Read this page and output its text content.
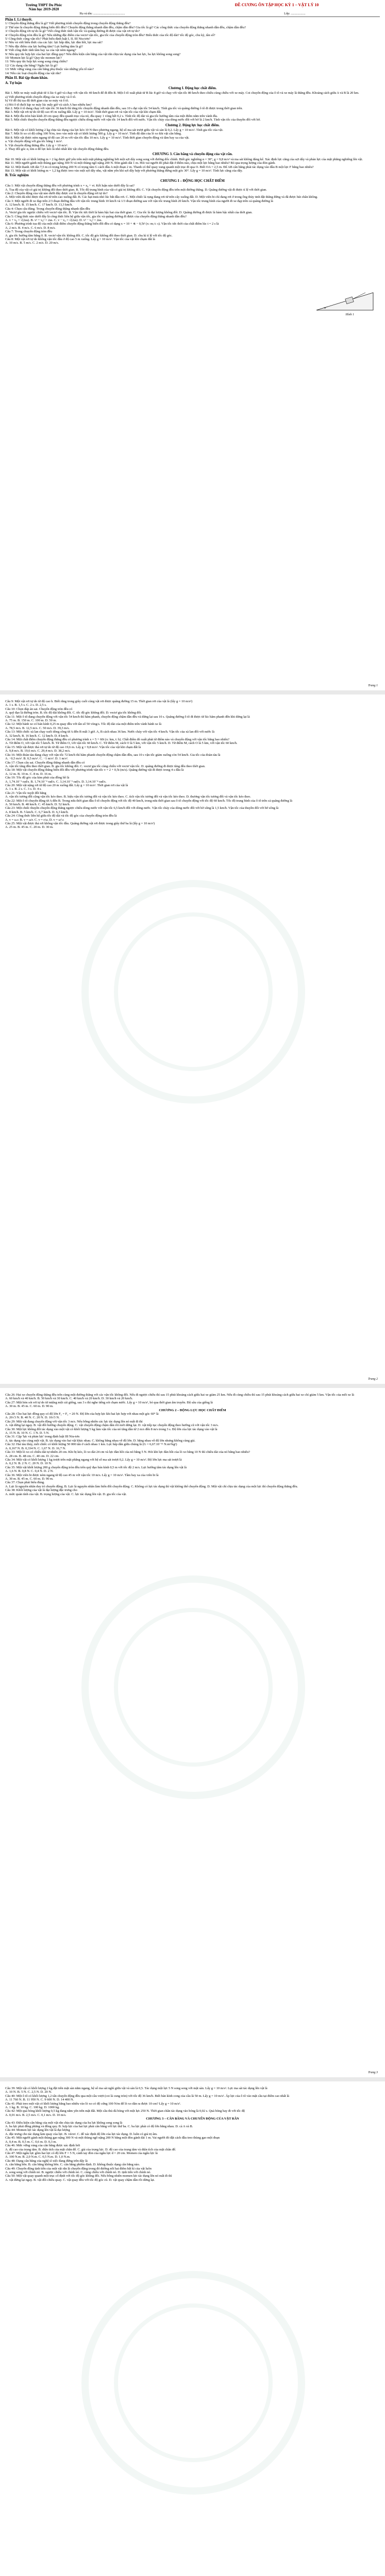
Trường THPT Du Phúc
Năm học 2019-2020
ĐỀ CƯƠNG ÔN TẬP HỌC KỲ 1 – VẬT LÝ 10
Họ và tên: .........................................	Lớp: ...................
Phần I. Lí thuyết.

1/ Chuyển động thẳng đều là gì? Viết phương trình chuyển động trong chuyển động thẳng đều?

2/ Thế nào là chuyển động thẳng biến đổi đều? Chuyển động thẳng nhanh dần đều, chậm dần đều? Gia tốc là gì? Các công thức của chuyển động thẳng nhanh dần đều, chậm dần đều?

3/ Chuyển động rơi tự do là gì? Viết công thức tính vận tốc và quãng đường đi được của vật rơi tự do?

4/ Chuyển động tròn đều là gì? Nêu những đặc điểm của vectơ vận tốc, gia tốc của chuyển động tròn đều? Biểu thức của tốc độ dài? tốc độ góc, chu kỳ, tần số?

5/ Công thức cộng vận tốc? Phát biểu định luật I, II, III Niu-tơn?

6/ Nêu và viết biểu thức của các lực: lực hấp dẫn, lực đàn hồi, lực ma sát?

7/ Nêu đặc điểm của lực hướng tâm? Lực hướng tâm là gì?

8/ Viết công thức tính tầm bay xa của vật ném ngang?

9/ Nêu quy tắc hợp lực của hai lực đồng quy? Nêu điều kiện cân bằng của vật rắn chịu tác dụng của hai lực, ba lực không song song?

10/ Momen lực là gì? Quy tắc momen lực?

11/ Nêu quy tắc hợp lực song song cùng chiều?

12/ Các dạng cân bằng? Ngẫu lực là gì?

13/ Mức vững vàng của cân bằng phụ thuộc vào những yếu tố nào?

14/ Nêu các loại chuyển động của vật rắn?

Phần II. Bài tập tham khảo.
A. Tự luận
Chương I. Động học chất điểm.

Bài 1. Một xe máy xuất phát từ A lúc 6 giờ và chạy với vận tốc 40 km/h để đi đến B. Một ô tô xuất phát từ B lúc 8 giờ và chạy với vận tốc 80 km/h theo chiều cùng chiều với xe máy. Coi chuyển động của ô tô và xe máy là thẳng đều. Khoảng cách giữa A và B là 20 km.

a) Viết phương trình chuyển động của xe máy và ô tô.

b) Vẽ đồ thị tọa độ thời gian của xe máy và ô tô.

c) Hỏi ô tô đuổi kịp xe máy lúc mấy giờ và cách A bao nhiêu km?

Bài 2. Một ô tô đang chạy với vận tốc 36 km/h thì tăng tốc chuyển động nhanh dần đều, sau 10 s đạt vận tốc 54 km/h. Tính gia tốc và quãng đường ô tô đi được trong thời gian trên.

Bài 3. Một vật rơi tự do từ độ cao 45 m xuống đất. Lấy g = 10 m/s². Tính thời gian rơi và vận tốc của vật khi chạm đất.

Bài 4. Một đĩa tròn bán kính 20 cm quay đều quanh trục của nó, đĩa quay 1 vòng hết 0,2 s. Tính tốc độ dài và gia tốc hướng tâm của một điểm nằm trên vành đĩa.

Bài 5. Một chiếc thuyền chuyển động thẳng đều ngược chiều dòng nước với vận tốc 14 km/h đối với nước. Vận tốc chảy của dòng nước đối với bờ là 2 km/h. Tính vận tốc của thuyền đối với bờ.

Chương 2. Động lực học chất điểm.

Bài 6. Một vật có khối lượng 2 kg chịu tác dụng của lực kéo 10 N theo phương ngang, hệ số ma sát trượt giữa vật và sàn là 0,2. Lấy g = 10 m/s². Tính gia tốc của vật.

Bài 7. Một lò xo có độ cứng 100 N/m, treo vào một vật có khối lượng 500 g. Lấy g = 10 m/s². Tính độ dãn của lò xo khi vật cân bằng.

Bài 8. Một vật được ném ngang từ độ cao 20 m với vận tốc đầu 10 m/s. Lấy g = 10 m/s². Tính thời gian chuyển động và tầm bay xa của vật.

a. Vật chuyển động với gia tốc bằng 1 m/s².

b. Vật chuyển động thẳng đều. Lấy g = 10 m/s².

2. Thay đổi góc α, tìm α để lực kéo là nhỏ nhất khi vật chuyển động thẳng đều.

CHƯƠNG 3. Cân bằng và chuyển động của vật rắn.

Bài 10. Một vật có khối lượng m = 2 kg được giữ yên trên một mặt phẳng nghiêng bởi một sợi dây song song với đường dốc chính. Biết góc nghiêng α = 30°, g = 9,8 m/s² và ma sát không đáng kể. Xác định lực căng của sợi dây và phản lực của mặt phẳng nghiêng lên vật.

Bài 11. Một người gánh một thùng gạo nặng 300 N và một thùng ngô nặng 200 N. Đòn gánh dài 1 m. Hỏi vai người đó phải đặt ở điểm nào, chịu một lực bằng bao nhiêu? Bỏ qua trọng lượng của đòn gánh.

Bài 12. Một thanh AB dài 7,5 m có trọng lượng 200 N có trọng tâm G cách đầu A một đoạn 2 m. Thanh có thể quay xung quanh một trục đi qua O. Biết OA = 2,5 m. Để AB cân bằng phải tác dụng vào đầu B một lực F bằng bao nhiêu?

Bài 13. Một vật có khối lượng m = 1,2 kg được treo vào một sợi dây nhẹ, vật nằm yên khi sợi dây hợp với phương thẳng đứng một góc 30°. Lấy g = 10 m/s². Tính lực căng của dây.

B. Trắc nghiệm
CHƯƠNG I – ĐỘNG HỌC CHẤT ĐIỂM

Câu 1: Một vật chuyển động thẳng đều với phương trình x = x₀ + vt. Kết luận nào dưới đây là sai?

A. Tọa độ của vật có giá trị không đổi theo thời gian. B. Tốc độ trung bình của vật có giá trị không đổi. C. Vật chuyển động đều trên một đường thẳng. D. Quãng đường vật đi được tỉ lệ với thời gian.

Câu 2: Chuyển động của vật nào dưới đây được coi là chuyển động rơi tự do?

A. Một viên đá nhỏ được thả rơi từ trên cao xuống đất. B. Các hạt mưa nhỏ lúc bắt đầu rơi. C. Một chiếc lá rụng đang rơi từ trên cây xuống đất. D. Một viên bi chì đang rơi ở trong ống thủy tinh đặt thẳng đứng và đã được hút chân không.

Câu 3: Một người đi xe đạp trên 2/3 đoạn đường đầu với vận tốc trung bình 10 km/h và 1/3 đoạn đường sau với vận tốc trung bình 20 km/h. Vận tốc trung bình của người đi xe đạp trên cả quãng đường là

A. 12 km/h. B. 15 km/h. C. 17 km/h. D. 13,3 km/h.

Câu 4: Chọn câu đúng. Trong chuyển động thẳng nhanh dần đều

A. Vectơ gia tốc ngược chiều với vectơ vận tốc. B. Vận tốc tức thời là hàm bậc hai của thời gian. C. Gia tốc là đại lượng không đổi. D. Quãng đường đi được là hàm bậc nhất của thời gian.

Câu 5: Công thức nào dưới đây là công thức liên hệ giữa vận tốc, gia tốc và quãng đường đi được của chuyển động thẳng nhanh dần đều?

A. v + v₀ = √(2as). B. v² + v₀² = 2as. C. v − v₀ = √(2as). D. v² − v₀² = 2as.

Câu 6: Phương trình tọa độ của một chất điểm chuyển động thẳng biến đổi đều có dạng x = 10 + 4t − 0,5t² (x: m; t: s). Vận tốc tức thời của chất điểm lúc t = 2 s là

A. 2 m/s. B. 4 m/s. C. 6 m/s. D. 8 m/s.

Câu 7: Trong chuyển động tròn đều

A. gia tốc hướng tâm bằng 0. B. vectơ vận tốc không đổi. C. tốc độ góc không đổi theo thời gian. D. chu kì tỉ lệ với tốc độ góc.

Câu 8: Một vật rơi tự do không vận tốc đầu ở độ cao 5 m xuống. Lấy g = 10 m/s². Vận tốc của vật khi chạm đất là

A. 10 m/s. B. 5 m/s. C. 2 m/s. D. 20 m/s.

α
Hình 1
Trang 1

Câu 9: Một vật rơi tự do từ độ cao h. Biết rằng trong giây cuối cùng vật rơi được quãng đường 15 m. Thời gian rơi của vật là (lấy g = 10 m/s²)

A. 1 s. B. 1,5 s. C. 2 s. D. 2,5 s.

Câu 10: Chọn đáp án sai. Chuyển động tròn đều có

A. quỹ đạo là đường tròn. B. tốc độ dài không đổi. C. tốc độ góc không đổi. D. vectơ gia tốc không đổi.

Câu 11: Một ô tô đang chuyển động với vận tốc 54 km/h thì hãm phanh, chuyển động chậm dần đều và dừng lại sau 10 s. Quãng đường ô tô đi được từ lúc hãm phanh đến khi dừng lại là

A. 75 m. B. 150 m. C. 100 m. D. 50 m.

Câu 12: Một bánh xe có bán kính 0,25 m quay đều với tần số 50 vòng/s. Tốc độ dài của một điểm trên vành bánh xe là

A. 78,5 m/s. B. 12,5 m/s. C. 50 m/s. D. 39,3 m/s.

Câu 13: Một chiếc xà lan chạy xuôi dòng sông từ A đến B mất 3 giờ. A, B cách nhau 36 km. Nước chảy với vận tốc 4 km/h. Vận tốc của xà lan đối với nước là

A. 32 km/h. B. 16 km/h. C. 12 km/h. D. 8 km/h.

Câu 14: Một chất điểm chuyển động thẳng đều có phương trình x = 5 + 60t (x: km, t: h). Chất điểm đó xuất phát từ điểm nào và chuyển động với vận tốc bằng bao nhiêu?

A. Từ điểm O, với vận tốc 5 km/h. B. Từ điểm O, với vận tốc 60 km/h. C. Từ điểm M, cách O là 5 km, với vận tốc 5 km/h. D. Từ điểm M, cách O là 5 km, với vận tốc 60 km/h.

Câu 15: Một vật được thả rơi tự do từ độ cao 19,6 m. Lấy g = 9,8 m/s². Vận tốc của vật khi chạm đất là

A. 9,8 m/s. B. 19,6 m/s. C. 29,4 m/s. D. 38,2 m/s.

Câu 16: Một đoàn tàu đang chạy với vận tốc 72 km/h thì hãm phanh chuyển động chậm dần đều, sau 10 s vận tốc giảm xuống còn 54 km/h. Gia tốc của đoàn tàu là

A. −0,5 m/s². B. 0,5 m/s². C. −1 m/s². D. 1 m/s².

Câu 17: Chọn câu sai. Chuyển động thẳng nhanh dần đều có

A. vận tốc tăng đều theo thời gian. B. gia tốc không đổi. C. vectơ gia tốc cùng chiều với vectơ vận tốc. D. quãng đường đi được tăng đều theo thời gian.

Câu 18: Một vật chuyển động thẳng biến đổi đều với phương trình vận tốc v = 2 + 0,5t (m/s). Quãng đường vật đi được trong 4 s đầu là

A. 12 m. B. 10 m. C. 8 m. D. 16 m.

Câu 19: Tốc độ góc của kim phút của đồng hồ là

A. 1,74.10⁻³ rad/s. B. 1,74.10⁻⁴ rad/s. C. 3,14.10⁻³ rad/s. D. 3,14.10⁻⁴ rad/s.

Câu 20: Một vật nặng rơi từ độ cao 20 m xuống đất. Lấy g = 10 m/s². Thời gian rơi của vật là

A. 1 s. B. 2 s. C. 3 s. D. 4 s.

Câu 21: Vận tốc tuyệt đối bằng

A. vận tốc tương đối cộng vận tốc kéo theo. B. hiệu vận tốc tương đối và vận tốc kéo theo. C. tích vận tốc tương đối và vận tốc kéo theo. D. thương vận tốc tương đối và vận tốc kéo theo.

Câu 22: Một ô tô chuyển động từ A đến B. Trong nửa thời gian đầu ô tô chuyển động với tốc độ 40 km/h, trong nửa thời gian sau ô tô chuyển động với tốc độ 60 km/h. Tốc độ trung bình của ô tô trên cả quãng đường là

A. 50 km/h. B. 48 km/h. C. 45 km/h. D. 52 km/h.

Câu 23: Một chiếc thuyền chuyển động thẳng ngược chiều dòng nước với vận tốc 6,5 km/h đối với dòng nước. Vận tốc chảy của dòng nước đối với bờ sông là 1,5 km/h. Vận tốc của thuyền đối với bờ sông là

A. 8 km/h. B. 5 km/h. C. 6,7 km/h. D. 6,3 km/h.

Câu 24: Công thức liên hệ giữa tốc độ dài và tốc độ góc của chuyển động tròn đều là

A. v = ω.r. B. v = ω/r. C. v = r/ω. D. v = ω².r.

Câu 25: Một vật được thả rơi không vận tốc đầu. Quãng đường vật rơi được trong giây thứ ba là (lấy g = 10 m/s²)

A. 25 m. B. 45 m. C. 20 m. D. 30 m.

Trang 2

Câu 26: Hai xe chuyển động thẳng đều trên cùng một đường thẳng với các vận tốc không đổi. Nếu đi ngược chiều thì sau 15 phút khoảng cách giữa hai xe giảm 25 km. Nếu đi cùng chiều thì sau 15 phút khoảng cách giữa hai xe chỉ giảm 5 km. Vận tốc của mỗi xe là

A. 60 km/h và 40 km/h. B. 50 km/h và 30 km/h. C. 40 km/h và 20 km/h. D. 30 km/h và 20 km/h.

Câu 27: Một hòn sỏi rơi tự do từ miệng một cái giếng, sau 3 s thì nghe tiếng sỏi chạm nước. Lấy g = 10 m/s², bỏ qua thời gian âm truyền. Độ sâu của giếng là

A. 30 m. B. 45 m. C. 60 m. D. 90 m.

CHƯƠNG 2 – ĐỘNG LỰC HỌC CHẤT ĐIỂM

Câu 28: Cho hai lực đồng quy có độ lớn F₁ = F₂ = 20 N. Độ lớn của hợp lực khi hai lực hợp với nhau một góc 60° là

A. 20√3 N. B. 40 N. C. 20 N. D. 10√3 N.

Câu 29: Một vật đang chuyển động với vận tốc 3 m/s. Nếu bỗng nhiên các lực tác dụng lên nó mất đi thì

A. vật dừng lại ngay. B. vật đổi hướng chuyển động. C. vật chuyển động chậm dần rồi mới dừng lại. D. vật tiếp tục chuyển động theo hướng cũ với vận tốc 3 m/s.

Câu 30: Một lực không đổi tác dụng vào một vật có khối lượng 5 kg làm vận tốc của nó tăng dần từ 2 m/s đến 8 m/s trong 3 s. Độ lớn của lực tác dụng vào vật là

A. 15 N. B. 10 N. C. 1 N. D. 5 N.

Câu 31: Cặp 'lực và phản lực' trong định luật III Niu-tơn

A. tác dụng vào cùng một vật. B. tác dụng vào hai vật khác nhau. C. không bằng nhau về độ lớn. D. bằng nhau về độ lớn nhưng không cùng giá.

Câu 32: Hai tàu thủy, mỗi chiếc có khối lượng 50 000 tấn ở cách nhau 1 km. Lực hấp dẫn giữa chúng là (G = 6,67.10⁻¹¹ N.m²/kg²)

A. 0,167 N. B. 0,334 N. C. 1,67 N. D. 16,7 N.

Câu 33: Một lò xo có chiều dài tự nhiên 20 cm. Khi bị kéo, lò xo dài 24 cm và lực đàn hồi của nó bằng 5 N. Hỏi khi lực đàn hồi của lò xo bằng 10 N thì chiều dài của nó bằng bao nhiêu?

A. 28 cm. B. 48 cm. C. 40 cm. D. 22 cm.

Câu 34: Một vật có khối lượng 1 kg trượt trên mặt phẳng ngang với hệ số ma sát trượt 0,2. Lấy g = 10 m/s². Độ lớn lực ma sát trượt là

A. 0,2 N. B. 2 N. C. 20 N. D. 10 N.

Câu 35: Một vật khối lượng 200 g chuyển động tròn đều trên quỹ đạo bán kính 0,5 m với tốc độ 2 m/s. Lực hướng tâm tác dụng lên vật là

A. 1,6 N. B. 0,8 N. C. 0,4 N. D. 2 N.

Câu 36: Một viên bi được ném ngang từ độ cao 45 m với vận tốc 10 m/s. Lấy g = 10 m/s². Tầm bay xa của viên bi là

A. 30 m. B. 45 m. C. 60 m. D. 90 m.

Câu 37: Chọn phát biểu đúng.

A. Lực là nguyên nhân duy trì chuyển động. B. Lực là nguyên nhân làm biến đổi chuyển động. C. Không có lực tác dụng thì vật không thể chuyển động. D. Một vật chỉ chịu tác dụng của một lực thì chuyển động thẳng đều.

Câu 38: Khối lượng của vật là đại lượng đặc trưng cho

A. mức quán tính của vật. B. trọng lượng của vật. C. lực tác dụng lên vật. D. gia tốc của vật.

Trang 3

Câu 39: Một vật có khối lượng 2 kg đặt trên mặt sàn nằm ngang, hệ số ma sát nghỉ giữa vật và sàn là 0,5. Tác dụng một lực 5 N song song với mặt sàn. Lấy g = 10 m/s². Lực ma sát tác dụng lên vật là

A. 10 N. B. 5 N. C. 2,5 N. D. 20 N.

Câu 40: Một ô tô có khối lượng 1,2 tấn chuyển động đều qua một cầu vượt (coi là cung tròn) với tốc độ 36 km/h. Biết bán kính cong của cầu là 50 m. Lấy g = 10 m/s². Áp lực của ô tô vào mặt cầu tại điểm cao nhất là

A. 11 760 N. B. 11 950 N. C. 9 600 N. D. 14 400 N.

Câu 41: Phải treo một vật có khối lượng bằng bao nhiêu vào lò xo có độ cứng 100 N/m để lò xo dãn ra được 10 cm? Lấy g = 10 m/s².

A. 1 kg. B. 10 kg. C. 100 kg. D. 1000 kg.

Câu 42: Một quả bóng khối lượng 0,5 kg đang nằm yên trên mặt đất. Một cầu thủ đá bóng với một lực 250 N. Thời gian chân tác dụng vào bóng là 0,02 s. Quả bóng bay đi với tốc độ

A. 0,01 m/s. B. 2,5 m/s. C. 0,1 m/s. D. 10 m/s.

CHƯƠNG 3 – CÂN BẰNG VÀ CHUYỂN ĐỘNG CỦA VẬT RẮN

Câu 43: Điều kiện cân bằng của một vật rắn chịu tác dụng của ba lực không song song là

A. ba lực phải đồng phẳng và đồng quy. B. hợp lực của hai lực phải cân bằng với lực thứ ba. C. ba lực phải có độ lớn bằng nhau. D. cả A và B.

Câu 44: Momen lực tác dụng lên vật là đại lượng

A. đặc trưng cho tác dụng làm quay của lực. B. véctơ. C. để xác định độ lớn của lực tác dụng. D. luôn có giá trị âm.

Câu 45: Một người gánh một thùng gạo nặng 300 N và một thùng ngô nặng 200 N bằng một đòn gánh dài 1 m. Vai người đó đặt cách đầu treo thùng gạo một đoạn

A. 0,4 m. B. 0,5 m. C. 0,6 m. D. 0,3 m.

Câu 46: Mức vững vàng của cân bằng được xác định bởi

A. độ cao của trọng tâm. B. diện tích của mặt chân đế. C. giá của trọng lực. D. độ cao của trọng tâm và diện tích của mặt chân đế.

Câu 47: Một ngẫu lực gồm hai lực có độ lớn F = 5 N, cánh tay đòn của ngẫu lực d = 20 cm. Momen của ngẫu lực là

A. 100 N.m. B. 2,0 N.m. C. 0,5 N.m. D. 1,0 N.m.

Câu 48: Dạng cân bằng của nghệ sĩ xiếc đang đứng trên dây là

A. cân bằng bền. B. cân bằng không bền. C. cân bằng phiếm định. D. không thuộc dạng cân bằng nào.

Câu 49: Chuyển động tịnh tiến của một vật rắn là chuyển động trong đó đường nối hai điểm bất kì của vật luôn

A. song song với chính nó. B. ngược chiều với chính nó. C. cùng chiều với chính nó. D. tịnh tiến với chính nó.

Câu 50: Một vật quay quanh một trục cố định với tốc độ góc không đổi. Nếu bỗng nhiên momen lực tác dụng lên nó mất đi thì

A. vật dừng lại ngay. B. vật đổi chiều quay. C. vật quay đều với tốc độ góc cũ. D. vật quay chậm dần rồi dừng lại.
